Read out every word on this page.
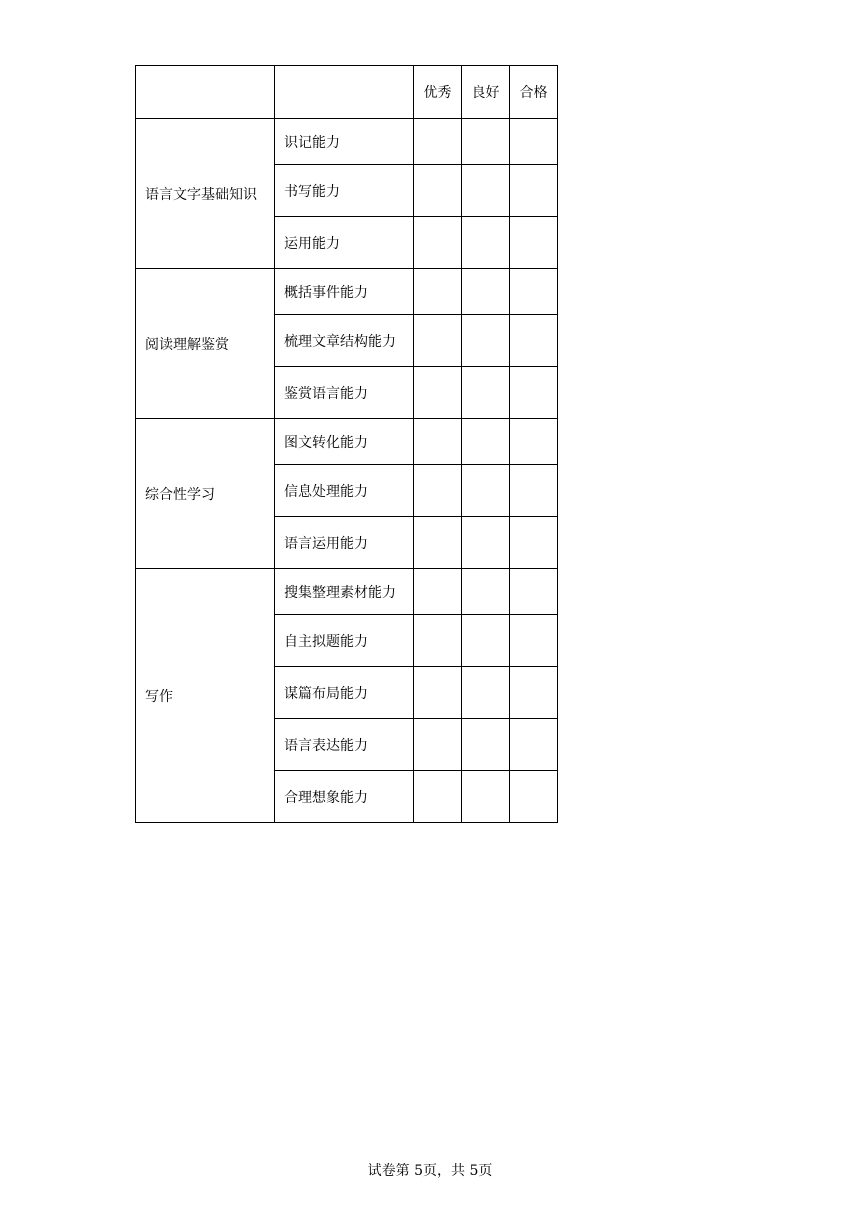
		优秀	良好	合格
语言文字基础知识	识记能力			
	书写能力			
	运用能力			
阅读理解鉴赏	概括事件能力			
	梳理文章结构能力			
	鉴赏语言能力			
综合性学习	图文转化能力			
	信息处理能力			
	语言运用能力			
写作	搜集整理素材能力			
	自主拟题能力			
	谋篇布局能力			
	语言表达能力			
	合理想象能力			
试卷第 5页，共 5页
